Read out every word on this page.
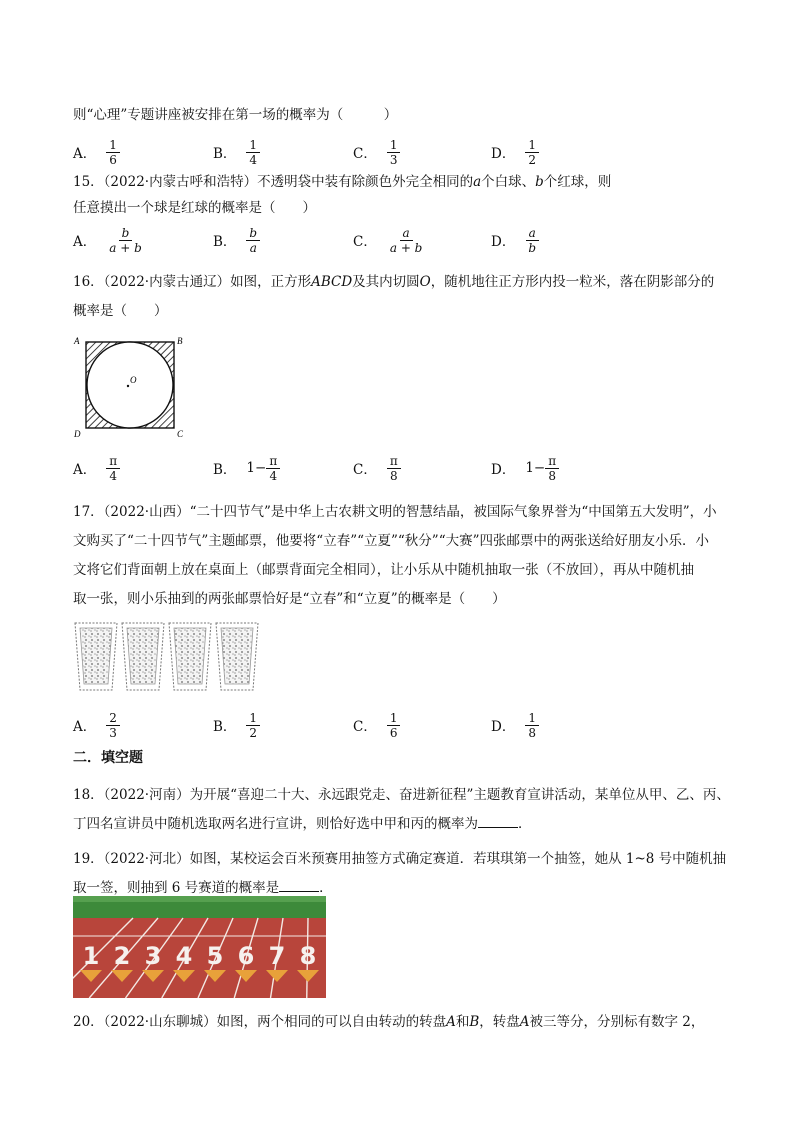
则“心理”专题讲座被安排在第一场的概率为（　　　）
A． $\frac{1}{6}$	B． $\frac{1}{4}$	C． $\frac{1}{3}$	D． $\frac{1}{2}$
15．（2022·内蒙古呼和浩特）不透明袋中装有除颜色外完全相同的a个白球、b个红球，则
任意摸出一个球是红球的概率是（　　）
A． $\frac{b}{a + b}$	B． $\frac{b}{a}$	C． $\frac{a}{a + b}$	D． $\frac{a}{b}$
16．（2022·内蒙古通辽）如图，正方形ABCD及其内切圆O，随机地往正方形内投一粒米，落在阴影部分的
概率是（　　）
A	B
C
D
O
A． $\frac{\pi}{4}$	B． $1- \frac{\pi}{4}$	C． $\frac{\pi}{8}$	D． $1- \frac{\pi}{8}$
17．（2022·山西）“二十四节气”是中华上古农耕文明的智慧结晶，被国际气象界誉为“中国第五大发明”，小
文购买了“二十四节气”主题邮票，他要将“立春”“立夏”“秋分”“大赛”四张邮票中的两张送给好朋友小乐．小
文将它们背面朝上放在桌面上（邮票背面完全相同），让小乐从中随机抽取一张（不放回），再从中随机抽
取一张，则小乐抽到的两张邮票恰好是“立春”和“立夏”的概率是（　　）
A． $\frac{2}{3}$	B． $\frac{1}{2}$	C． $\frac{1}{6}$	D． $\frac{1}{8}$
二．填空题
18．（2022·河南）为开展“喜迎二十大、永远跟党走、奋进新征程”主题教育宣讲活动，某单位从甲、乙、丙、
丁四名宣讲员中随机选取两名进行宣讲，则恰好选中甲和丙的概率为	．
19．（2022·河北）如图，某校运会百米预赛用抽签方式确定赛道．若琪琪第一个抽签，她从 1~8 号中随机抽
取一签，则抽到 6 号赛道的概率是	．
1 2 3 4 5 6 7 8
20．（2022·山东聊城）如图，两个相同的可以自由转动的转盘A和B，转盘A被三等分，分别标有数字 2，
